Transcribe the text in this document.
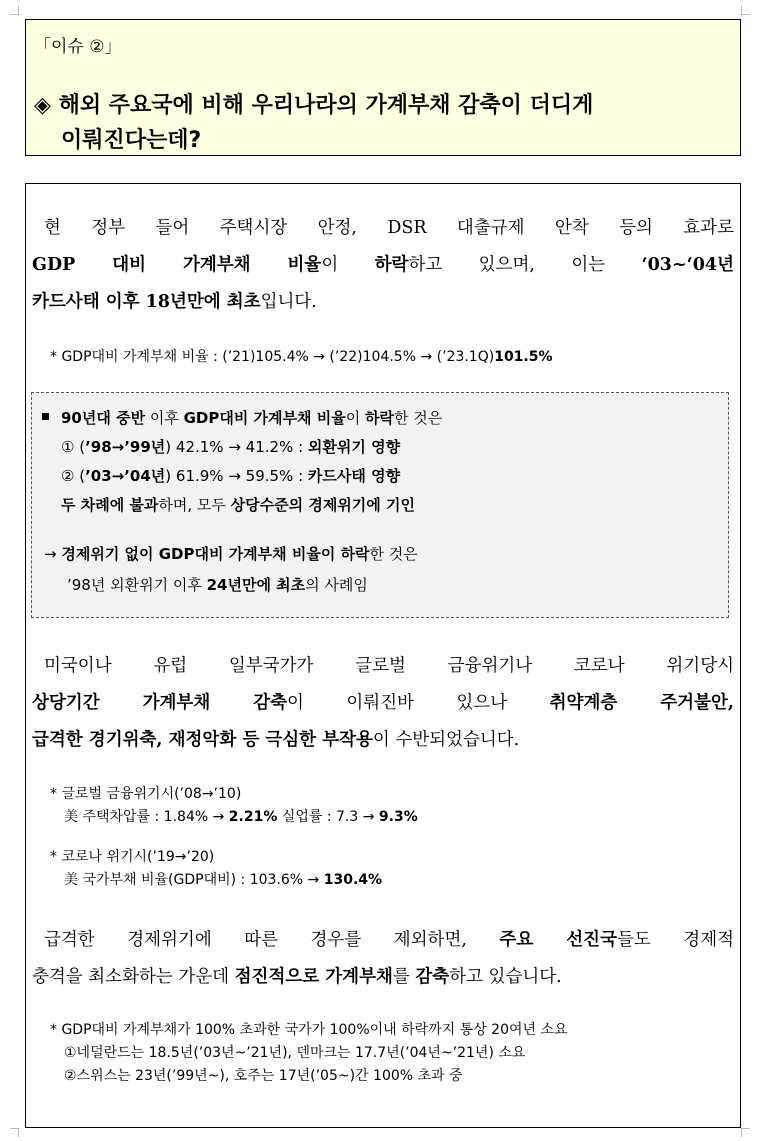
「이슈 ②」
◈ 해외 주요국에 비해 우리나라의 가계부채 감축이 더디게
이뤄진다는데?
현 정부 들어 주택시장 안정, DSR 대출규제 안착 등의 효과로
GDP 대비 가계부채 비율이 하락하고 있으며, 이는 ‘03~‘04년
카드사태 이후 18년만에 최초입니다.
* GDP대비 가계부채 비율 : (’21)105.4% → (’22)104.5% → (’23.1Q)101.5%
90년대 중반 이후 GDP대비 가계부채 비율이 하락한 것은
① (’98→’99년) 42.1% → 41.2% : 외환위기 영향
② (’03→’04년) 61.9% → 59.5% : 카드사태 영향
두 차례에 불과하며, 모두 상당수준의 경제위기에 기인
→ 경제위기 없이 GDP대비 가계부채 비율이 하락한 것은
’98년 외환위기 이후 24년만에 최초의 사례임
미국이나 유럽 일부국가가 글로벌 금융위기나 코로나 위기당시
상당기간 가계부채 감축이 이뤄진바 있으나 취약계층 주거불안,
급격한 경기위축, 재정악화 등 극심한 부작용이 수반되었습니다.
* 글로벌 금융위기시(’08→’10)
美 주택차압률 : 1.84% → 2.21% 실업률 : 7.3 → 9.3%
* 코로나 위기시(’19→’20)
美 국가부채 비율(GDP대비) : 103.6% → 130.4%
급격한 경제위기에 따른 경우를 제외하면, 주요 선진국들도 경제적
충격을 최소화하는 가운데 점진적으로 가계부채를 감축하고 있습니다.
* GDP대비 가계부채가 100% 초과한 국가가 100%이내 하락까지 통상 20여년 소요
①네덜란드는 18.5년(’03년~’21년), 덴마크는 17.7년(’04년~’21년) 소요
②스위스는 23년(’99년~), 호주는 17년(’05~)간 100% 초과 중
